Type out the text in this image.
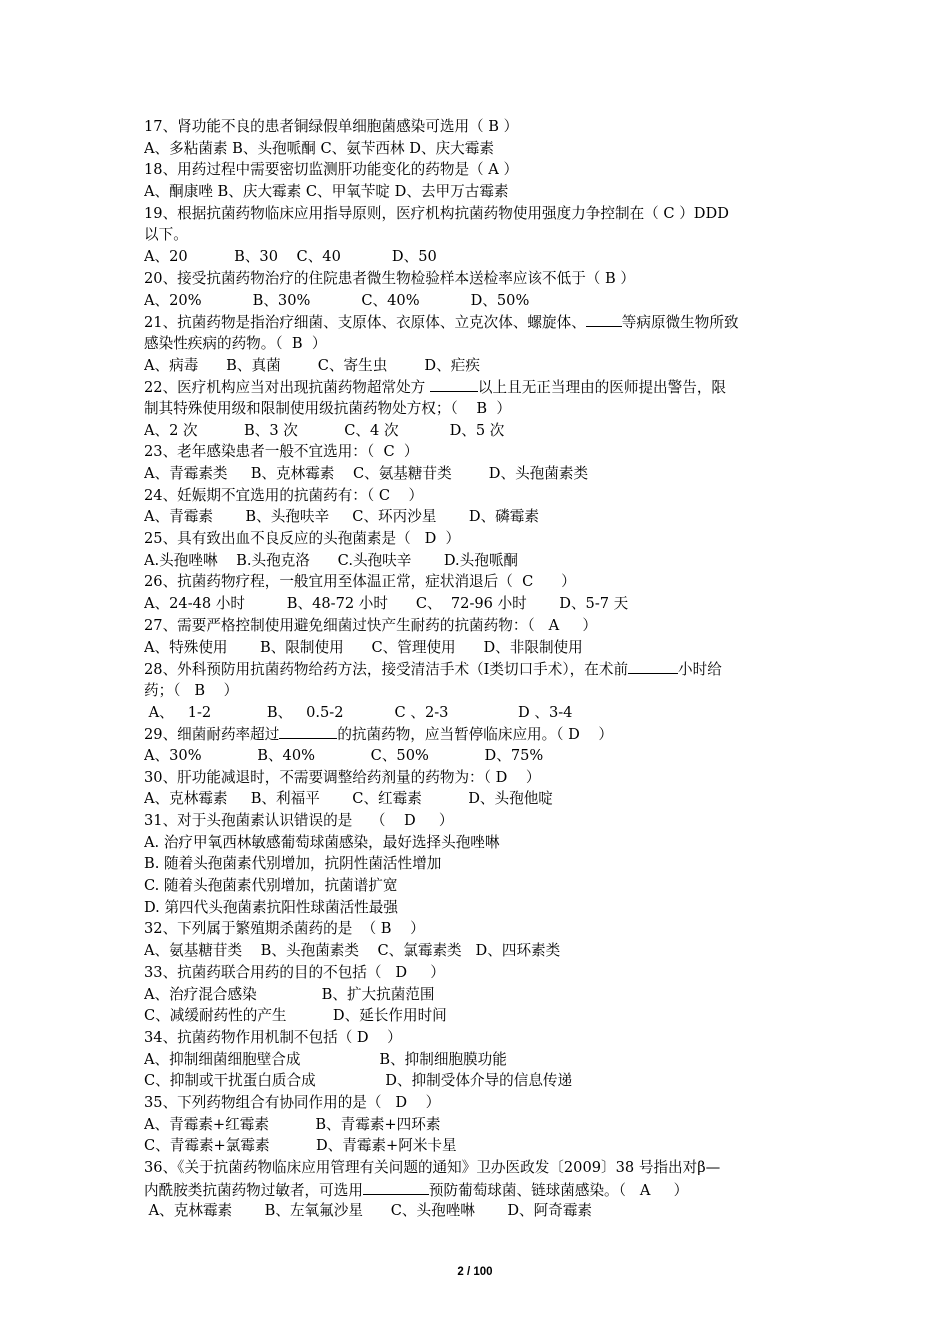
17、肾功能不良的患者铜绿假单细胞菌感染可选用（ B ）
A、多粘菌素 B、头孢哌酮 C、氨苄西林 D、庆大霉素
18、用药过程中需要密切监测肝功能变化的药物是（ A ）
A、酮康唑 B、庆大霉素 C、甲氧苄啶 D、去甲万古霉素
19、根据抗菌药物临床应用指导原则，医疗机构抗菌药物使用强度力争控制在（ C ）DDD
以下。
A、20          B、30    C、40           D、50
20、接受抗菌药物治疗的住院患者微生物检验样本送检率应该不低于（ B ）
A、20%           B、30%           C、40%           D、50%
21、抗菌药物是指治疗细菌、支原体、衣原体、立克次体、螺旋体、 等病原微生物所致
感染性疾病的药物。（  B  ）
A、病毒      B、真菌        C、寄生虫        D、疟疾
22、医疗机构应当对出现抗菌药物超常处方	以上且无正当理由的医师提出警告，限
制其特殊使用级和限制使用级抗菌药物处方权；（    B  ）
A、2 次          B、3 次          C、4 次           D、5 次
23、老年感染患者一般不宜选用：（  C  ）
A、青霉素类     B、克林霉素    C、氨基糖苷类        D、头孢菌素类
24、妊娠期不宜选用的抗菌药有：（ C    ）
A、青霉素       B、头孢呋辛     C、环丙沙星       D、磷霉素
25、具有致出血不良反应的头孢菌素是（   D  ）
A.头孢唑啉    B.头孢克洛      C.头孢呋辛       D.头孢哌酮
26、抗菌药物疗程，一般宜用至体温正常，症状消退后（  C      ）
A、24-48 小时         B、48-72 小时      C、  72-96 小时       D、5-7 天
27、需要严格控制使用避免细菌过快产生耐药的抗菌药物：（   A     ）
A、特殊使用       B、限制使用      C、管理使用      D、非限制使用
28、外科预防用抗菌药物给药方法，接受清洁手术（Ⅰ类切口手术），在术前	小时给
药；（   B    ）
A、   1-2            B、   0.5-2           C 、2-3               D 、3-4
29、细菌耐药率超过	的抗菌药物，应当暂停临床应用。（ D    ）
A、30%            B、40%            C、50%            D、75%
30、肝功能减退时，不需要调整给药剂量的药物为：（ D    ）
A、克林霉素     B、利福平       C、红霉素          D、头孢他啶
31、对于头孢菌素认识错误的是    （    D     ）
A. 治疗甲氧西林敏感葡萄球菌感染，最好选择头孢唑啉
B. 随着头孢菌素代别增加，抗阴性菌活性增加
C. 随着头孢菌素代别增加，抗菌谱扩宽
D. 第四代头孢菌素抗阳性球菌活性最强
32、下列属于繁殖期杀菌药的是  （ B    ）
A、氨基糖苷类    B、头孢菌素类    C、氯霉素类   D、四环素类
33、抗菌药联合用药的目的不包括（   D     ）
A、治疗混合感染              B、扩大抗菌范围
C、减缓耐药性的产生          D、延长作用时间
34、抗菌药物作用机制不包括（ D    ）
A、抑制细菌细胞壁合成                 B、抑制细胞膜功能
C、抑制或干扰蛋白质合成               D、抑制受体介导的信息传递
35、下列药物组合有协同作用的是（   D    ）
A、青霉素+红霉素          B、青霉素+四环素
C、青霉素+氯霉素          D、青霉素+阿米卡星
36、《关于抗菌药物临床应用管理有关问题的通知》卫办医政发〔2009〕38 号指出对β—
内酰胺类抗菌药物过敏者，可选用	预防葡萄球菌、链球菌感染。（   A     ）
A、克林霉素       B、左氧氟沙星      C、头孢唑啉       D、阿奇霉素
2 / 100
